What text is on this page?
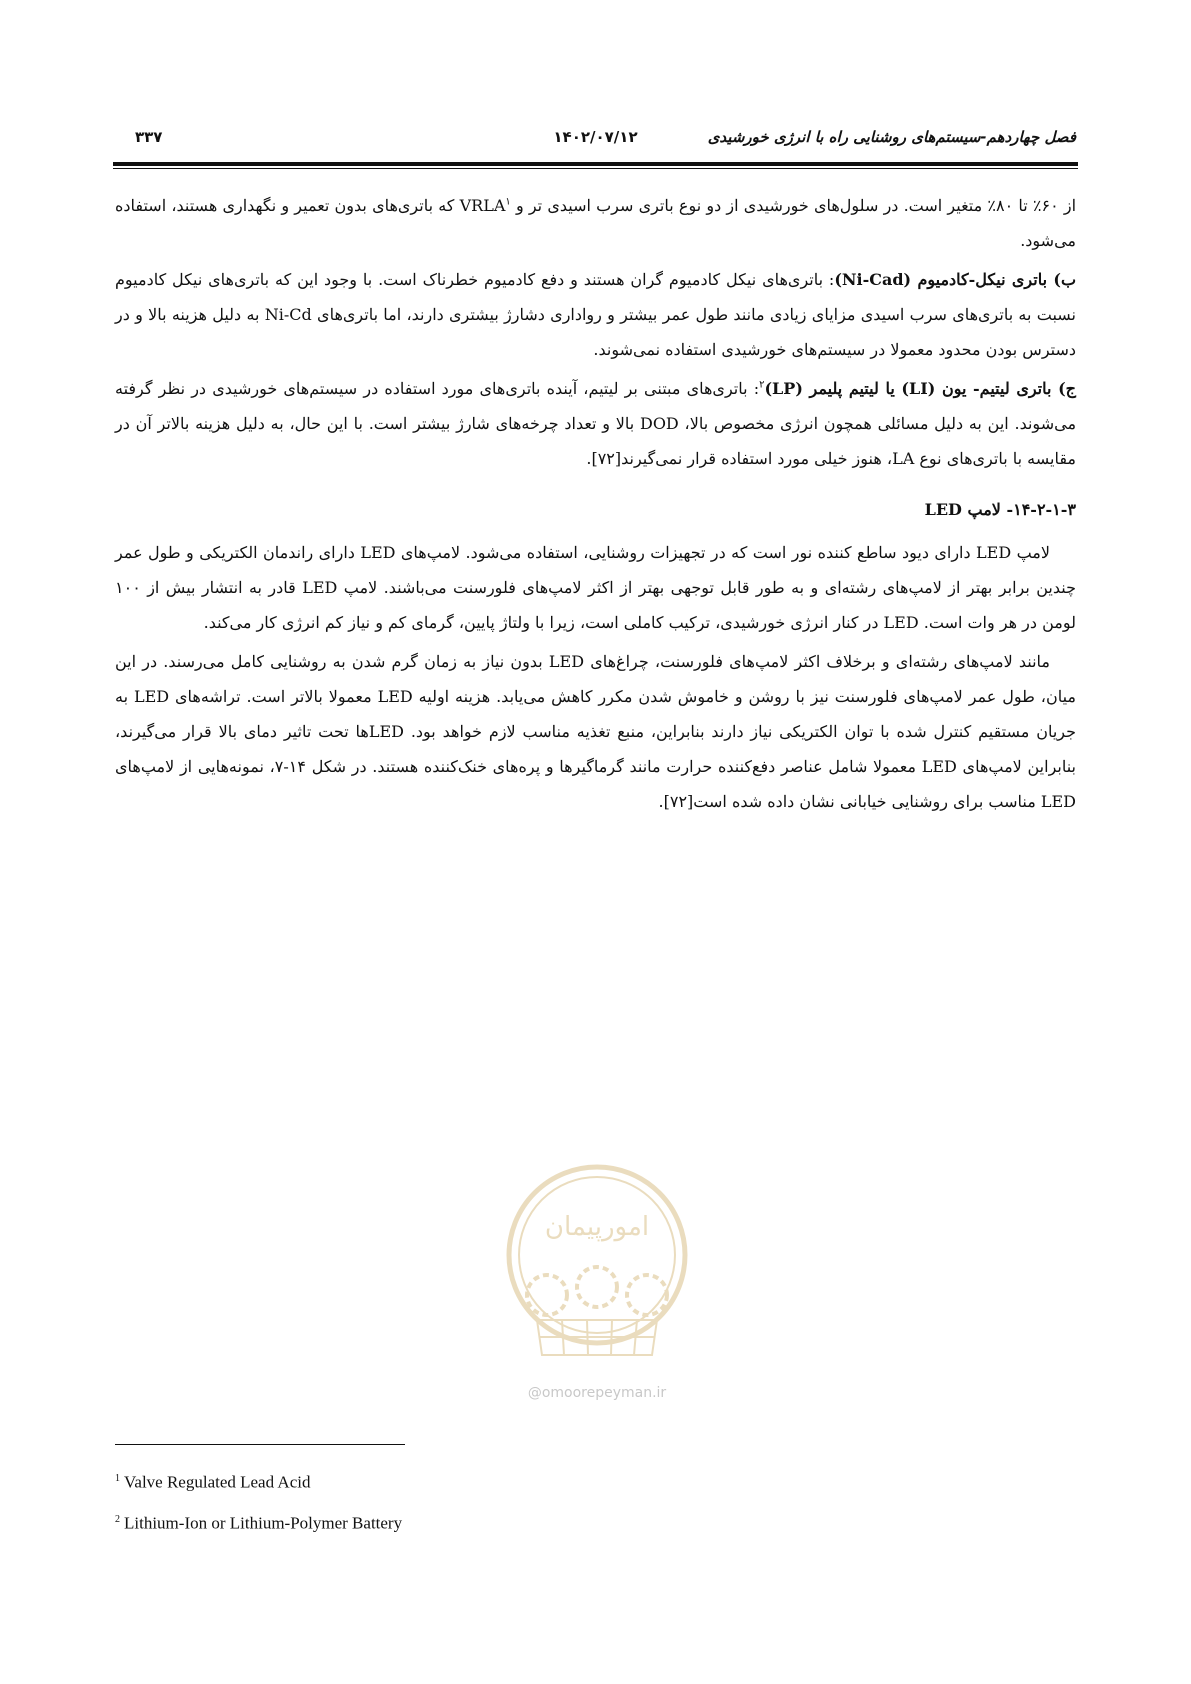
فصل چهاردهم-سیستم‌های روشنایی راه با انرژی خورشیدی
۱۴۰۲/۰۷/۱۲
۳۳۷

از ۶۰٪ تا ۸۰٪ متغیر است. در سلول‌های خورشیدی از دو نوع باتری سرب اسیدی تر و VRLA$^۱$ که باتری‌های بدون تعمیر و نگهداری هستند، استفاده می‌شود.

ب) باتری نیکل-کادمیوم (Ni-Cad): باتری‌های نیکل کادمیوم گران هستند و دفع کادمیوم خطرناک است. با وجود این که باتری‌های نیکل کادمیوم نسبت به باتری‌های سرب اسیدی مزایای زیادی مانند طول عمر بیشتر و رواداری دشارژ بیشتری دارند، اما باتری‌های Ni-Cd به دلیل هزینه بالا و در دسترس بودن محدود معمولا در سیستم‌های خورشیدی استفاده نمی‌شوند.

ج) باتری لیتیم- یون (LI) یا لیتیم پلیمر (LP)$^۲$: باتری‌های مبتنی بر لیتیم، آینده باتری‌های مورد استفاده در سیستم‌های خورشیدی در نظر گرفته می‌شوند. این به دلیل مسائلی همچون انرژی مخصوص بالا، DOD بالا و تعداد چرخه‌های شارژ بیشتر است. با این حال، به دلیل هزینه بالاتر آن در مقایسه با باتری‌های نوع LA، هنوز خیلی مورد استفاده قرار نمی‌گیرند[۷۲].

۱۴-۲-۱-۳- لامپ LED

لامپ LED دارای دیود ساطع کننده نور است که در تجهیزات روشنایی، استفاده می‌شود. لامپ‌های LED دارای راندمان الکتریکی و طول عمر چندین برابر بهتر از لامپ‌های رشته‌ای و به طور قابل توجهی بهتر از اکثر لامپ‌های فلورسنت می‌باشند. لامپ LED قادر به انتشار بیش از ۱۰۰ لومن در هر وات است. LED در کنار انرژی خورشیدی، ترکیب کاملی است، زیرا با ولتاژ پایین، گرمای کم و نیاز کم انرژی کار می‌کند.

مانند لامپ‌های رشته‌ای و برخلاف اکثر لامپ‌های فلورسنت، چراغ‌های LED بدون نیاز به زمان گرم شدن به روشنایی کامل می‌رسند. در این میان، طول عمر لامپ‌های فلورسنت نیز با روشن و خاموش شدن مکرر کاهش می‌یابد. هزینه اولیه LED معمولا بالاتر است. تراشه‌های LED به جریان مستقیم کنترل شده با توان الکتریکی نیاز دارند بنابراین، منبع تغذیه مناسب لازم خواهد بود. LEDها تحت تاثیر دمای بالا قرار می‌گیرند، بنابراین لامپ‌های LED معمولا شامل عناصر دفع‌کننده حرارت مانند گرماگیرها و پره‌های خنک‌کننده هستند. در شکل ۱۴-۷، نمونه‌هایی از لامپ‌های LED مناسب برای روشنایی خیابانی نشان داده شده است[۷۲].

امورپیمان
@omoorepeyman.ir
$^1$ Valve Regulated Lead Acid
$^2$ Lithium-Ion or Lithium-Polymer Battery
